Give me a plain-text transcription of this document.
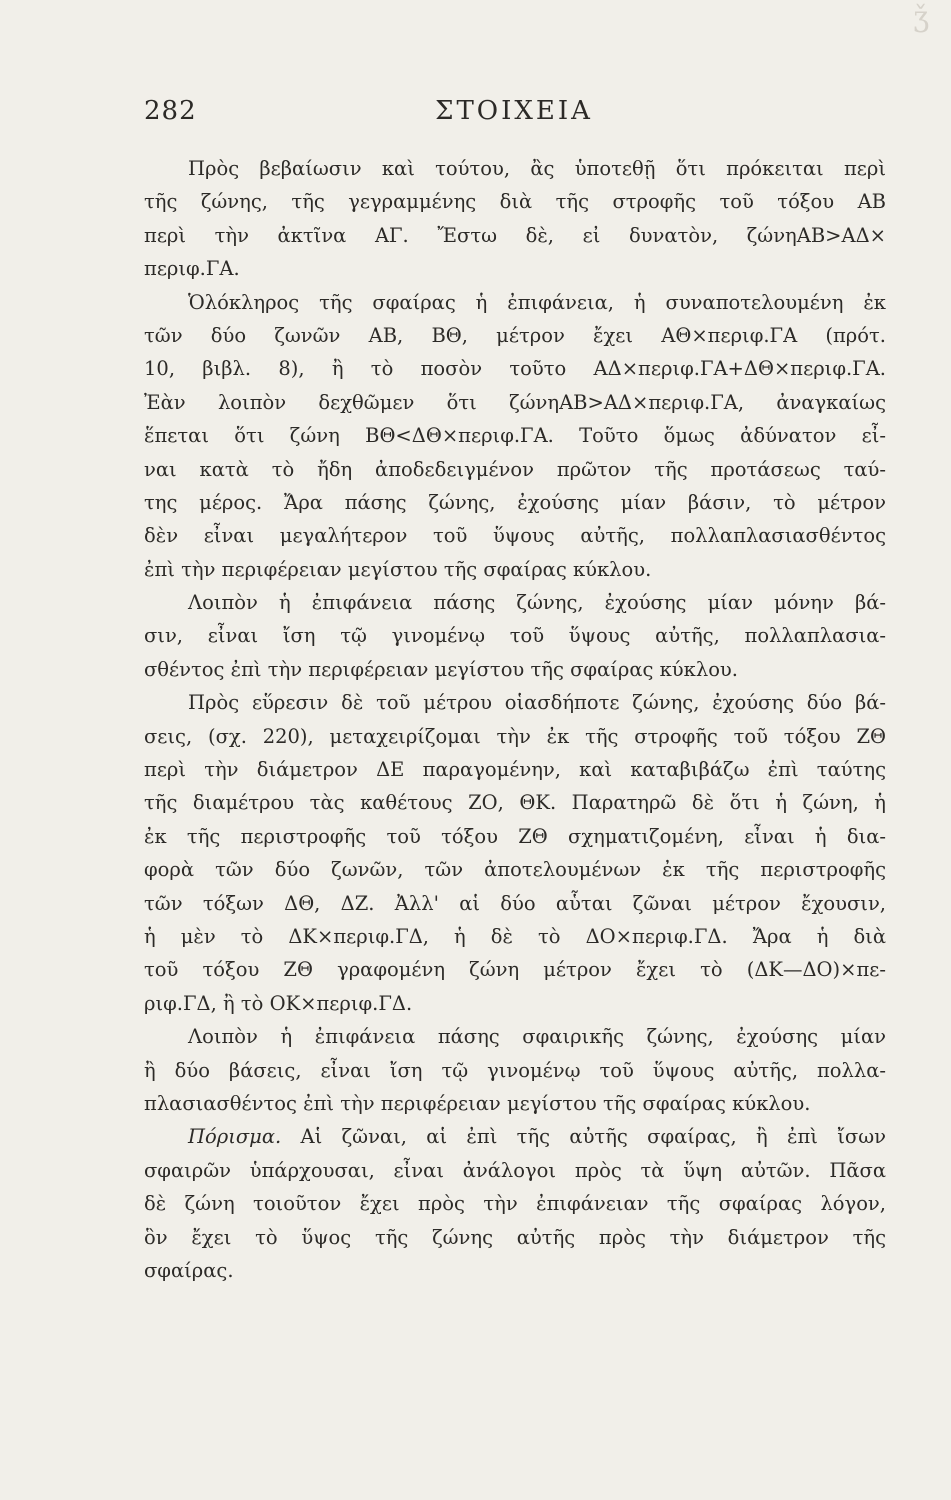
ǯ
282	ΣΤΟΙΧΕΙΑ
Πρὸς βεβαίωσιν καὶ τούτου, ἂς ὑποτεθῇ ὅτι πρόκειται περὶ
τῆς ζώνης, τῆς γεγραμμένης διὰ τῆς στροφῆς τοῦ τόξου ΑΒ
περὶ τὴν ἀκτῖνα ΑΓ. Ἔστω δὲ, εἰ δυνατὸν, ζώνηΑΒ>ΑΔ×
περιφ.ΓΑ.
Ὁλόκληρος τῆς σφαίρας ἡ ἐπιφάνεια, ἡ συναποτελουμένη ἐκ
τῶν δύο ζωνῶν ΑΒ, ΒΘ, μέτρον ἔχει ΑΘ×περιφ.ΓΑ (πρότ.
10, βιβλ. 8), ἢ τὸ ποσὸν τοῦτο ΑΔ×περιφ.ΓΑ+ΔΘ×περιφ.ΓΑ.
Ἐὰν λοιπὸν δεχθῶμεν ὅτι ζώνηΑΒ>ΑΔ×περιφ.ΓΑ, ἀναγκαίως
ἕπεται ὅτι ζώνη ΒΘ<ΔΘ×περιφ.ΓΑ. Τοῦτο ὅμως ἀδύνατον εἶ-
ναι κατὰ τὸ ἤδη ἀποδεδειγμένον πρῶτον τῆς προτάσεως ταύ-
της μέρος. Ἄρα πάσης ζώνης, ἐχούσης μίαν βάσιν, τὸ μέτρον
δὲν εἶναι μεγαλήτερον τοῦ ὕψους αὐτῆς, πολλαπλασιασθέντος
ἐπὶ τὴν περιφέρειαν μεγίστου τῆς σφαίρας κύκλου.
Λοιπὸν ἡ ἐπιφάνεια πάσης ζώνης, ἐχούσης μίαν μόνην βά-
σιν, εἶναι ἴση τῷ γινομένῳ τοῦ ὕψους αὐτῆς, πολλαπλασια-
σθέντος ἐπὶ τὴν περιφέρειαν μεγίστου τῆς σφαίρας κύκλου.
Πρὸς εὕρεσιν δὲ τοῦ μέτρου οἱασδήποτε ζώνης, ἐχούσης δύο βά-
σεις, (σχ. 220), μεταχειρίζομαι τὴν ἐκ τῆς στροφῆς τοῦ τόξου ΖΘ
περὶ τὴν διάμετρον ΔΕ παραγομένην, καὶ καταβιβάζω ἐπὶ ταύτης
τῆς διαμέτρου τὰς καθέτους ΖΟ, ΘΚ. Παρατηρῶ δὲ ὅτι ἡ ζώνη, ἡ
ἐκ τῆς περιστροφῆς τοῦ τόξου ΖΘ σχηματιζομένη, εἶναι ἡ δια-
φορὰ τῶν δύο ζωνῶν, τῶν ἀποτελουμένων ἐκ τῆς περιστροφῆς
τῶν τόξων ΔΘ, ΔΖ. Ἀλλ' αἱ δύο αὗται ζῶναι μέτρον ἔχουσιν,
ἡ μὲν τὸ ΔΚ×περιφ.ΓΔ, ἡ δὲ τὸ ΔΟ×περιφ.ΓΔ. Ἄρα ἡ διὰ
τοῦ τόξου ΖΘ γραφομένη ζώνη μέτρον ἔχει τὸ (ΔΚ—ΔΟ)×πε-
ριφ.ΓΔ, ἢ τὸ ΟΚ×περιφ.ΓΔ.
Λοιπὸν ἡ ἐπιφάνεια πάσης σφαιρικῆς ζώνης, ἐχούσης μίαν
ἢ δύο βάσεις, εἶναι ἴση τῷ γινομένῳ τοῦ ὕψους αὐτῆς, πολλα-
πλασιασθέντος ἐπὶ τὴν περιφέρειαν μεγίστου τῆς σφαίρας κύκλου.
Πόρισμα. Αἱ ζῶναι, αἱ ἐπὶ τῆς αὐτῆς σφαίρας, ἢ ἐπὶ ἴσων
σφαιρῶν ὑπάρχουσαι, εἶναι ἀνάλογοι πρὸς τὰ ὕψη αὐτῶν. Πᾶσα
δὲ ζώνη τοιοῦτον ἔχει πρὸς τὴν ἐπιφάνειαν τῆς σφαίρας λόγον,
ὃν ἔχει τὸ ὕψος τῆς ζώνης αὐτῆς πρὸς τὴν διάμετρον τῆς
σφαίρας.
